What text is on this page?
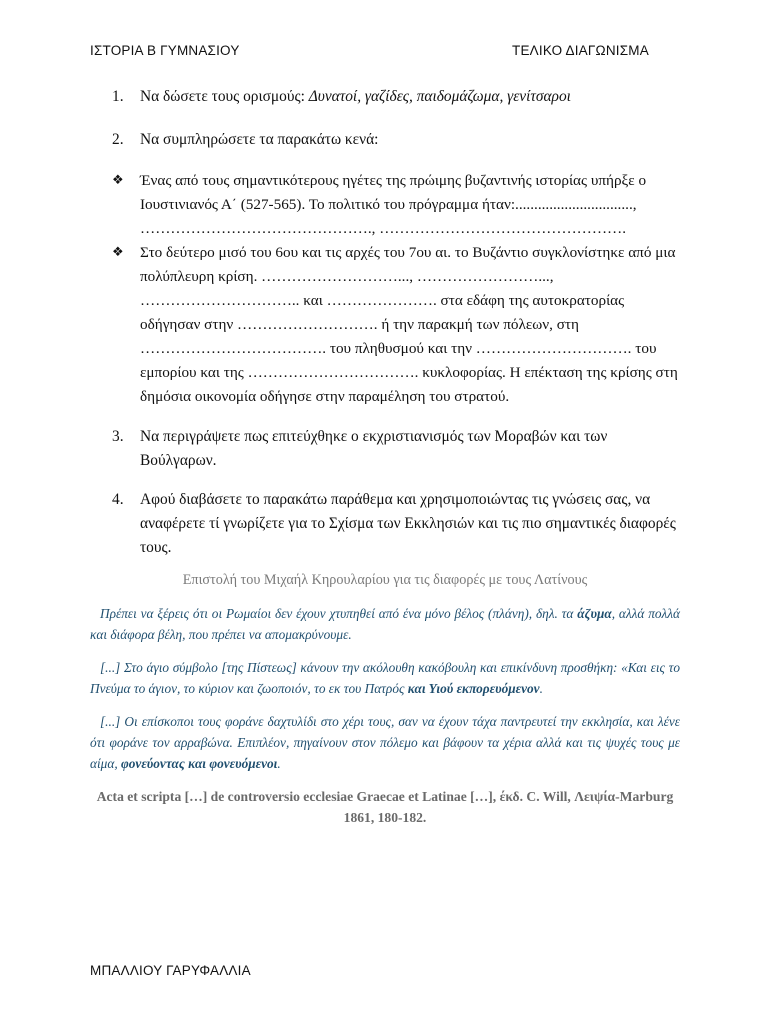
ΙΣΤΟΡΙΑ Β ΓΥΜΝΑΣΙΟΥ	ΤΕΛΙΚΟ ΔΙΑΓΩΝΙΣΜΑ
1.	Να δώσετε τους ορισμούς: Δυνατοί, γαζίδες, παιδομάζωμα, γενίτσαροι
2.	Να συμπληρώσετε τα παρακάτω κενά:
❖	Ένας από τους σημαντικότερους ηγέτες της πρώιμης βυζαντινής ιστορίας υπήρξε ο Ιουστινιανός Α΄ (527-565). Το πολιτικό του πρόγραμμα ήταν:..............................., ………………………………………., ………………………………………….
❖	Στο δεύτερο μισό του 6ου και τις αρχές του 7ου αι. το Βυζάντιο συγκλονίστηκε από μια πολύπλευρη κρίση. ………………………..., ……………………..., ………………………….. και …………………. στα εδάφη της αυτοκρατορίας οδήγησαν στην ………………………. ή την παρακμή των πόλεων, στη ………………………………. του πληθυσμού και την …………………………. του εμπορίου και της ……………………………. κυκλοφορίας. Η επέκταση της κρίσης στη δημόσια οικονομία οδήγησε στην παραμέληση του στρατού.
3.	Να περιγράψετε πως επιτεύχθηκε ο εκχριστιανισμός των Μοραβών και των Βούλγαρων.
4.	Αφού διαβάσετε το παρακάτω παράθεμα και χρησιμοποιώντας τις γνώσεις σας, να αναφέρετε τί γνωρίζετε για το Σχίσμα των Εκκλησιών και τις πιο σημαντικές διαφορές τους.
Επιστολή του Μιχαήλ Κηρουλαρίου για τις διαφορές με τους Λατίνους
Πρέπει να ξέρεις ότι οι Ρωμαίοι δεν έχουν χτυπηθεί από ένα μόνο βέλος (πλάνη), δηλ. τα άζυμα, αλλά πολλά και διάφορα βέλη, που πρέπει να απομακρύνουμε.
[...] Στο άγιο σύμβολο [της Πίστεως] κάνουν την ακόλουθη κακόβουλη και επικίνδυνη προσθήκη: «Και εις το Πνεύμα το άγιον, το κύριον και ζωοποιόν, το εκ του Πατρός και Υιού εκπορευόμενον.
[...] Οι επίσκοποι τους φοράνε δαχτυλίδι στο χέρι τους, σαν να έχουν τάχα παντρευτεί την εκκλησία, και λένε ότι φοράνε τον αρραβώνα. Επιπλέον, πηγαίνουν στον πόλεμο και βάφουν τα χέρια αλλά και τις ψυχές τους με αίμα, φονεύοντας και φονευόμενοι.
Acta et scripta […] de controversio ecclesiae Graecae et Latinae […], έκδ. C. Will, Λειψία-Marburg 1861, 180-182.
ΜΠΑΛΛΙΟΥ ΓΑΡΥΦΑΛΛΙΑ
